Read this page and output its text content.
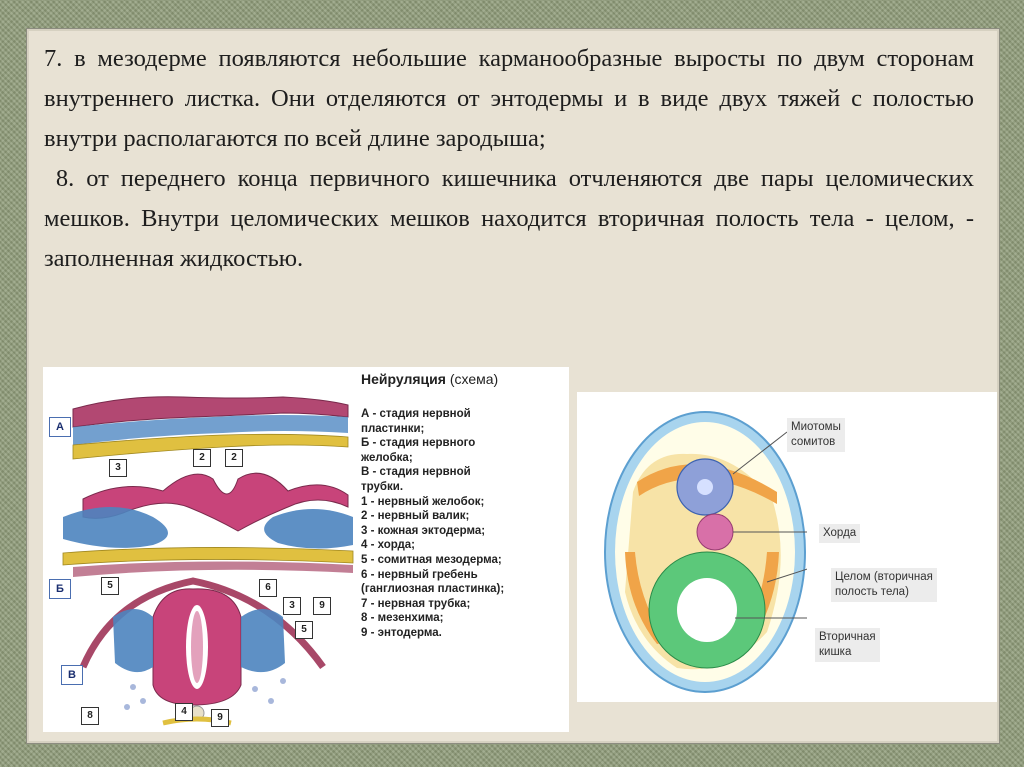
7. в мезодерме появляются небольшие карманообразные выросты по двум сторонам внутреннего листка. Они отделяются от энтодермы и в виде двух тяжей с полостью внутри располагаются по всей длине зародыша;

8. от переднего конца первичного кишечника отчленяются две пары целомических мешков. Внутри целомических мешков находится вторичная полость тела - целом, - заполненная жидкостью.

А
Б
В
2	2
3
5	6
3	9
5
8	4
9
Нейруляция (схема)
А - стадия нервной
пластинки;
Б - стадия нервного
желобка;
В - стадия нервной
трубки.
1 - нервный желобок;
2 - нервный валик;
3 - кожная эктодерма;
4 - хорда;
5 - сомитная мезодерма;
6 - нервный гребень
(ганглиозная пластинка);
7 - нервная трубка;
8 - мезенхима;
9 - энтодерма.
Миотомы
сомитов
Хорда
Целом (вторичная
полость тела)
Вторичная
кишка
